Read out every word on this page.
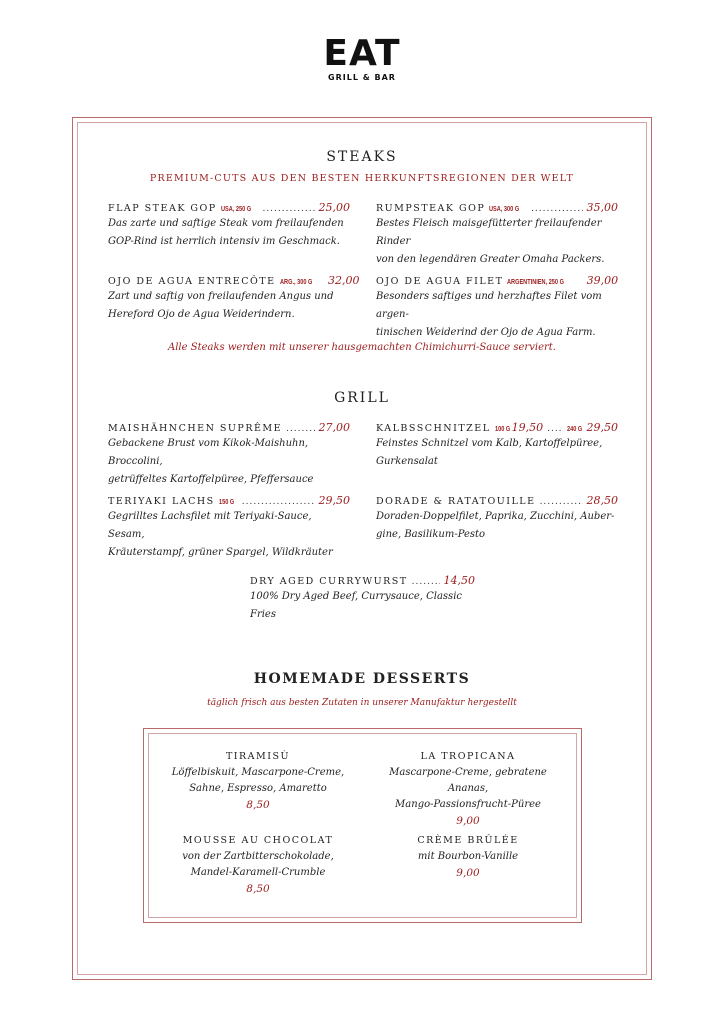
EAT
GRILL & BAR
STEAKS
PREMIUM-CUTS AUS DEN BESTEN HERKUNFTSREGIONEN DER WELT
FLAP STEAK GOP USA, 250 G .....	25,00
Das zarte und saftige Steak vom freilaufenden
GOP-Rind ist herrlich intensiv im Geschmack.
RUMPSTEAK GOP USA, 300 G .....	35,00
Bestes Fleisch maisgefütterter freilaufender Rinder
von den legendären Greater Omaha Packers.
OJO DE AGUA ENTRECÔTE ARG., 300 G 32,00
Zart und saftig von freilaufenden Angus und
Hereford Ojo de Agua Weiderindern.
OJO DE AGUA FILET ARGENTINIEN, 250 G 39,00
Besonders saftiges und herzhaftes Filet vom argen-
tinischen Weiderind der Ojo de Agua Farm.
Alle Steaks werden mit unserer hausgemachten Chimichurri-Sauce serviert.
GRILL
MAISHÄHNCHEN SUPRÊME .....	27,00
Gebackene Brust vom Kikok-Maishuhn, Broccolini,
getrüffeltes Kartoffelpüree, Pfeffersauce
KALBSSCHNITZEL 100 G 19,50 .....	240 G 29,50
Feinstes Schnitzel vom Kalb, Kartoffelpüree,
Gurkensalat
TERIYAKI LACHS 150 G .....	29,50
Gegrilltes Lachsfilet mit Teriyaki-Sauce, Sesam,
Kräuterstampf, grüner Spargel, Wildkräuter
DORADE & RATATOUILLE .....	28,50
Doraden-Doppelfilet, Paprika, Zucchini, Auber-
gine, Basilikum-Pesto
DRY AGED CURRYWURST .....	14,50
100% Dry Aged Beef, Currysauce, Classic Fries
HOMEMADE DESSERTS
täglich frisch aus besten Zutaten in unserer Manufaktur hergestellt
TIRAMISÙ
Löffelbiskuit, Mascarpone-Creme,
Sahne, Espresso, Amaretto
8,50
LA TROPICANA
Mascarpone-Creme, gebratene Ananas,
Mango-Passionsfrucht-Püree
9,00
MOUSSE AU CHOCOLAT
von der Zartbitterschokolade,
Mandel-Karamell-Crumble
8,50
CRÈME BRÛLÉE
mit Bourbon-Vanille
9,00
